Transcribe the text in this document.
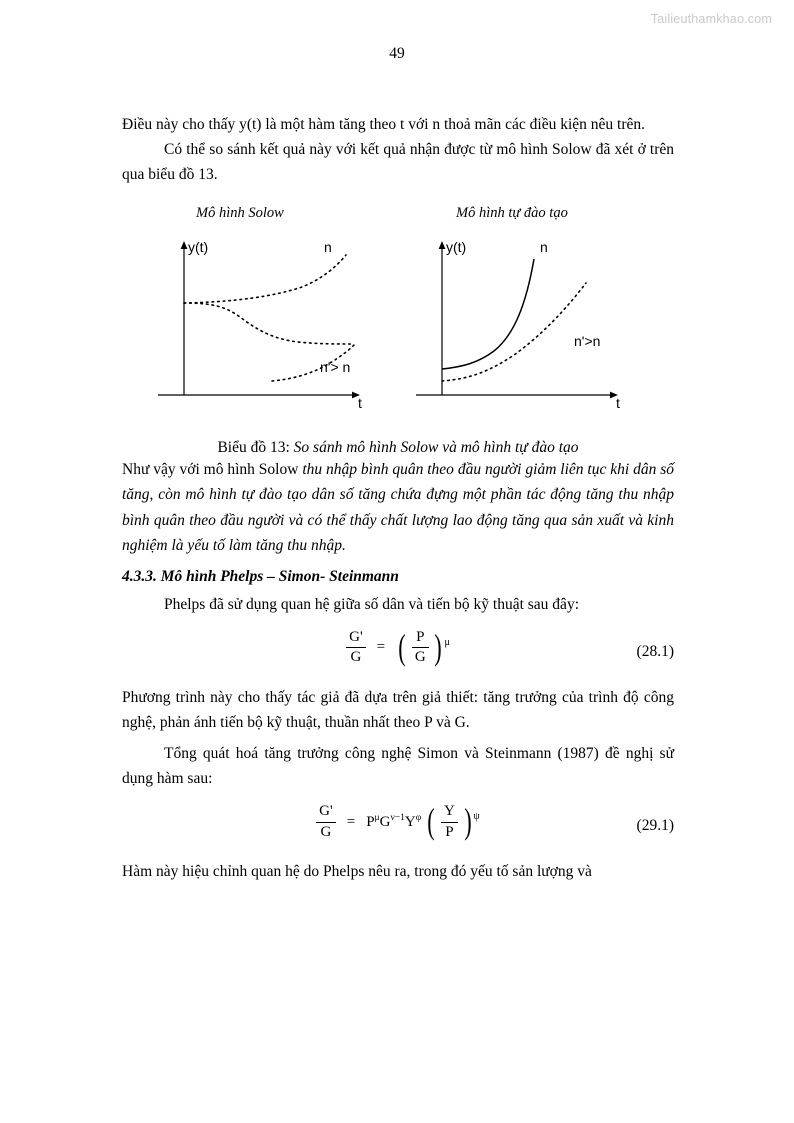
Tailieuthamkhao.com
49

Điều này cho thấy y(t) là một hàm tăng theo t với n thoả mãn các điều kiện nêu trên.

Có thể so sánh kết quả này với kết quả nhận được từ mô hình Solow đã xét ở trên qua biểu đồ 13.

Mô hình Solow	Mô hình tự đào tạo
y(t)	n
n'> n
t
y(t)	n
n'>n
t
Biểu đồ 13: So sánh mô hình Solow và mô hình tự đào tạo

Như vậy với mô hình Solow thu nhập bình quân theo đầu người giảm liên tục khi dân số tăng, còn mô hình tự đào tạo dân số tăng chứa đựng một phần tác động tăng thu nhập bình quân theo đầu người và có thể thấy chất lượng lao động tăng qua sản xuất và kinh nghiệm là yếu tố làm tăng thu nhập.

4.3.3. Mô hình Phelps – Simon- Steinmann

Phelps đã sử dụng quan hệ giữa số dân và tiến bộ kỹ thuật sau đây:

$\frac{G'}{G}$ = ( $\frac{P}{G}$ ) $^\mu$
(28.1)

Phương trình này cho thấy tác giả đã dựa trên giả thiết: tăng trưởng của trình độ công nghệ, phản ánh tiến bộ kỹ thuật, thuần nhất theo P và G.

Tổng quát hoá tăng trưởng công nghệ Simon và Steinmann (1987) đề nghị sử dụng hàm sau:

$\frac{G'}{G} = P^\mu G^{\nu-1}Y^\varphi$ ( $\frac{Y}{P}$ ) $^\psi$
(29.1)

Hàm này hiệu chỉnh quan hệ do Phelps nêu ra, trong đó yếu tố sản lượng và
